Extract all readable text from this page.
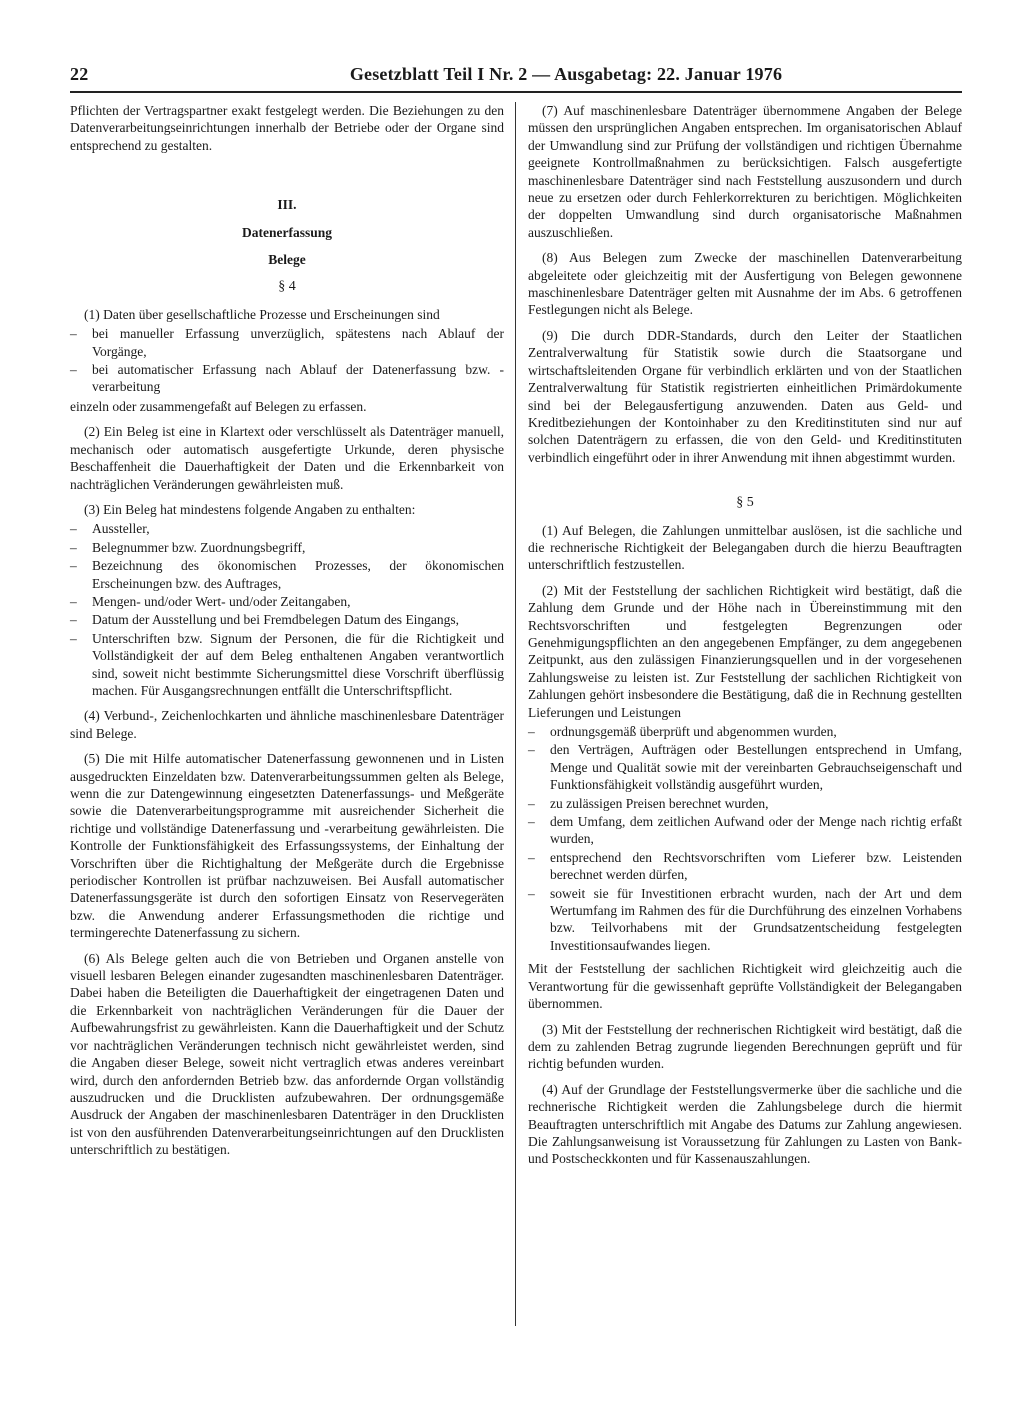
22	Gesetzblatt Teil I Nr. 2 — Ausgabetag: 22. Januar 1976

Pflichten der Vertragspartner exakt festgelegt werden. Die Beziehungen zu den Datenverarbeitungseinrichtungen innerhalb der Betriebe oder der Organe sind entsprechend zu gestalten.

III.
Datenerfassung
Belege
§ 4

(1) Daten über gesellschaftliche Prozesse und Erscheinungen sind

– bei manueller Erfassung unverzüglich, spätestens nach Ablauf der Vorgänge,
– bei automatischer Erfassung nach Ablauf der Datenerfassung bzw. -verarbeitung

einzeln oder zusammengefaßt auf Belegen zu erfassen.

(2) Ein Beleg ist eine in Klartext oder verschlüsselt als Datenträger manuell, mechanisch oder automatisch ausgefertigte Urkunde, deren physische Beschaffenheit die Dauerhaftigkeit der Daten und die Erkennbarkeit von nachträglichen Veränderungen gewährleisten muß.

(3) Ein Beleg hat mindestens folgende Angaben zu enthalten:

– Aussteller,
– Belegnummer bzw. Zuordnungsbegriff,
– Bezeichnung des ökonomischen Prozesses, der ökonomischen Erscheinungen bzw. des Auftrages,
– Mengen- und/oder Wert- und/oder Zeitangaben,
– Datum der Ausstellung und bei Fremdbelegen Datum des Eingangs,
– Unterschriften bzw. Signum der Personen, die für die Richtigkeit und Vollständigkeit der auf dem Beleg enthaltenen Angaben verantwortlich sind, soweit nicht bestimmte Sicherungsmittel diese Vorschrift überflüssig machen. Für Ausgangsrechnungen entfällt die Unterschriftspflicht.

(4) Verbund-, Zeichenlochkarten und ähnliche maschinenlesbare Datenträger sind Belege.

(5) Die mit Hilfe automatischer Datenerfassung gewonnenen und in Listen ausgedruckten Einzeldaten bzw. Datenverarbeitungssummen gelten als Belege, wenn die zur Datengewinnung eingesetzten Datenerfassungs- und Meßgeräte sowie die Datenverarbeitungsprogramme mit ausreichender Sicherheit die richtige und vollständige Datenerfassung und -verarbeitung gewährleisten. Die Kontrolle der Funktionsfähigkeit des Erfassungssystems, der Einhaltung der Vorschriften über die Richtighaltung der Meßgeräte durch die Ergebnisse periodischer Kontrollen ist prüfbar nachzuweisen. Bei Ausfall automatischer Datenerfassungsgeräte ist durch den sofortigen Einsatz von Reservegeräten bzw. die Anwendung anderer Erfassungsmethoden die richtige und termingerechte Datenerfassung zu sichern.

(6) Als Belege gelten auch die von Betrieben und Organen anstelle von visuell lesbaren Belegen einander zugesandten maschinenlesbaren Datenträger. Dabei haben die Beteiligten die Dauerhaftigkeit der eingetragenen Daten und die Erkennbarkeit von nachträglichen Veränderungen für die Dauer der Aufbewahrungsfrist zu gewährleisten. Kann die Dauerhaftigkeit und der Schutz vor nachträglichen Veränderungen technisch nicht gewährleistet werden, sind die Angaben dieser Belege, soweit nicht vertraglich etwas anderes vereinbart wird, durch den anfordernden Betrieb bzw. das anfordernde Organ vollständig auszudrucken und die Drucklisten aufzubewahren. Der ordnungsgemäße Ausdruck der Angaben der maschinenlesbaren Datenträger in den Drucklisten ist von den ausführenden Datenverarbeitungseinrichtungen auf den Drucklisten unterschriftlich zu bestätigen.

(7) Auf maschinenlesbare Datenträger übernommene Angaben der Belege müssen den ursprünglichen Angaben entsprechen. Im organisatorischen Ablauf der Umwandlung sind zur Prüfung der vollständigen und richtigen Übernahme geeignete Kontrollmaßnahmen zu berücksichtigen. Falsch ausgefertigte maschinenlesbare Datenträger sind nach Feststellung auszusondern und durch neue zu ersetzen oder durch Fehlerkorrekturen zu berichtigen. Möglichkeiten der doppelten Umwandlung sind durch organisatorische Maßnahmen auszuschließen.

(8) Aus Belegen zum Zwecke der maschinellen Datenverarbeitung abgeleitete oder gleichzeitig mit der Ausfertigung von Belegen gewonnene maschinenlesbare Datenträger gelten mit Ausnahme der im Abs. 6 getroffenen Festlegungen nicht als Belege.

(9) Die durch DDR-Standards, durch den Leiter der Staatlichen Zentralverwaltung für Statistik sowie durch die Staatsorgane und wirtschaftsleitenden Organe für verbindlich erklärten und von der Staatlichen Zentralverwaltung für Statistik registrierten einheitlichen Primärdokumente sind bei der Belegausfertigung anzuwenden. Daten aus Geld- und Kreditbeziehungen der Kontoinhaber zu den Kreditinstituten sind nur auf solchen Datenträgern zu erfassen, die von den Geld- und Kreditinstituten verbindlich eingeführt oder in ihrer Anwendung mit ihnen abgestimmt wurden.

§ 5

(1) Auf Belegen, die Zahlungen unmittelbar auslösen, ist die sachliche und die rechnerische Richtigkeit der Belegangaben durch die hierzu Beauftragten unterschriftlich festzustellen.

(2) Mit der Feststellung der sachlichen Richtigkeit wird bestätigt, daß die Zahlung dem Grunde und der Höhe nach in Übereinstimmung mit den Rechtsvorschriften und festgelegten Begrenzungen oder Genehmigungspflichten an den angegebenen Empfänger, zu dem angegebenen Zeitpunkt, aus den zulässigen Finanzierungsquellen und in der vorgesehenen Zahlungsweise zu leisten ist. Zur Feststellung der sachlichen Richtigkeit von Zahlungen gehört insbesondere die Bestätigung, daß die in Rechnung gestellten Lieferungen und Leistungen

– ordnungsgemäß überprüft und abgenommen wurden,
– den Verträgen, Aufträgen oder Bestellungen entsprechend in Umfang, Menge und Qualität sowie mit der vereinbarten Gebrauchseigenschaft und Funktionsfähigkeit vollständig ausgeführt wurden,
– zu zulässigen Preisen berechnet wurden,
– dem Umfang, dem zeitlichen Aufwand oder der Menge nach richtig erfaßt wurden,
– entsprechend den Rechtsvorschriften vom Lieferer bzw. Leistenden berechnet werden dürfen,
– soweit sie für Investitionen erbracht wurden, nach der Art und dem Wertumfang im Rahmen des für die Durchführung des einzelnen Vorhabens bzw. Teilvorhabens mit der Grundsatzentscheidung festgelegten Investitionsaufwandes liegen.

Mit der Feststellung der sachlichen Richtigkeit wird gleichzeitig auch die Verantwortung für die gewissenhaft geprüfte Vollständigkeit der Belegangaben übernommen.

(3) Mit der Feststellung der rechnerischen Richtigkeit wird bestätigt, daß die dem zu zahlenden Betrag zugrunde liegenden Berechnungen geprüft und für richtig befunden wurden.

(4) Auf der Grundlage der Feststellungsvermerke über die sachliche und die rechnerische Richtigkeit werden die Zahlungsbelege durch die hiermit Beauftragten unterschriftlich mit Angabe des Datums zur Zahlung angewiesen. Die Zahlungsanweisung ist Voraussetzung für Zahlungen zu Lasten von Bank- und Postscheckkonten und für Kassenauszahlungen.
